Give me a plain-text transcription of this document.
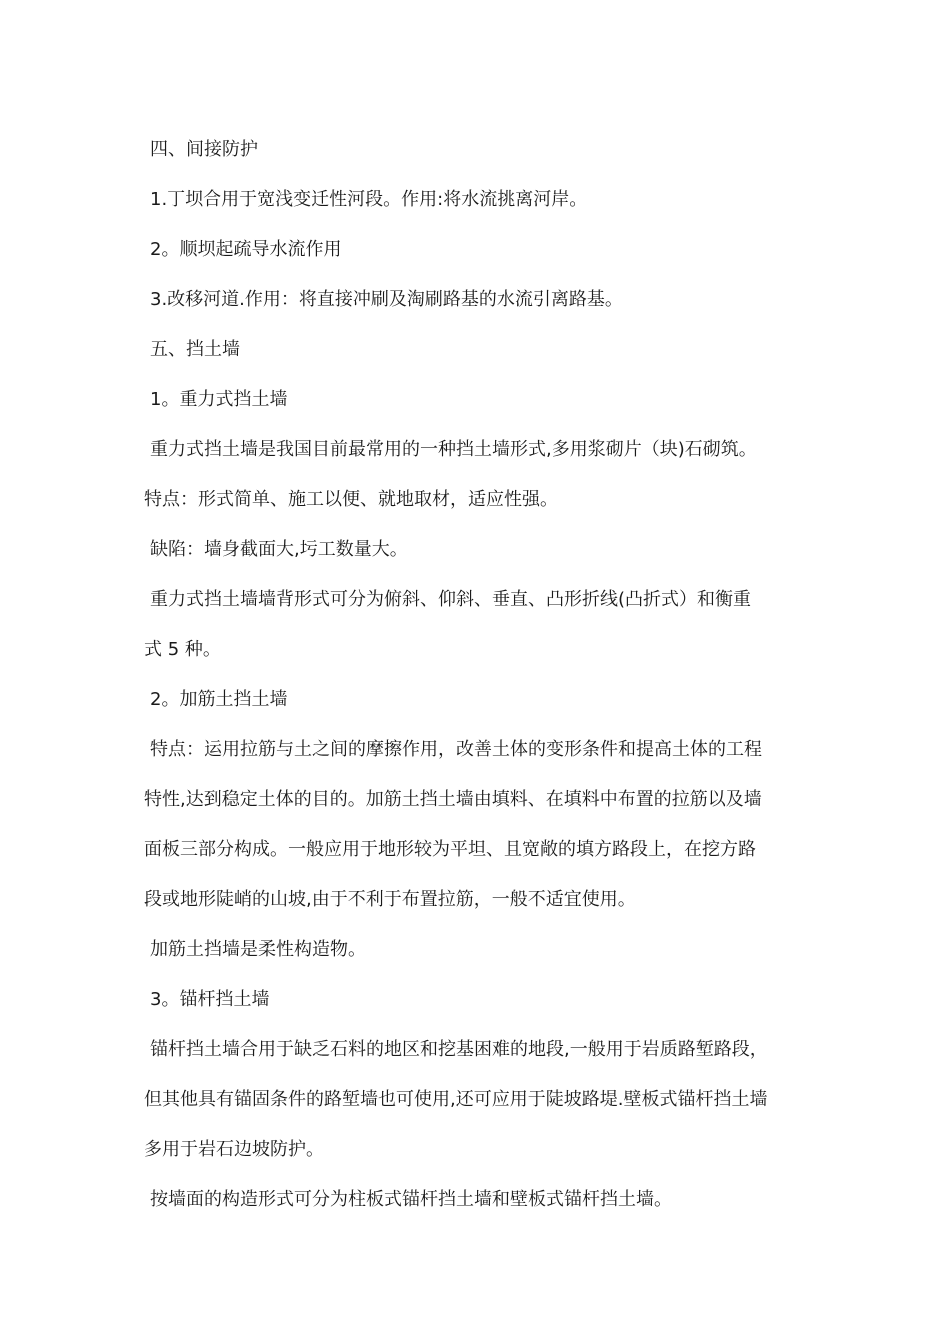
四、间接防护

1.丁坝合用于宽浅变迁性河段。作用:将水流挑离河岸。

2。顺坝起疏导水流作用

3.改移河道.作用：将直接冲刷及淘刷路基的水流引离路基。

五、挡土墙

1。重力式挡土墙

重力式挡土墙是我国目前最常用的一种挡土墙形式,多用浆砌片（块)石砌筑。

特点：形式简单、施工以便、就地取材，适应性强。

缺陷：墙身截面大,圬工数量大。

重力式挡土墙墙背形式可分为俯斜、仰斜、垂直、凸形折线(凸折式）和衡重

式 5 种。

2。加筋土挡土墙

特点：运用拉筋与土之间的摩擦作用，改善土体的变形条件和提高土体的工程

特性,达到稳定土体的目的。加筋土挡土墙由填料、在填料中布置的拉筋以及墙

面板三部分构成。一般应用于地形较为平坦、且宽敞的填方路段上，在挖方路

段或地形陡峭的山坡,由于不利于布置拉筋，一般不适宜使用。

加筋土挡墙是柔性构造物。

3。锚杆挡土墙

锚杆挡土墙合用于缺乏石料的地区和挖基困难的地段,一般用于岩质路堑路段，

但其他具有锚固条件的路堑墙也可使用,还可应用于陡坡路堤.壁板式锚杆挡土墙

多用于岩石边坡防护。

按墙面的构造形式可分为柱板式锚杆挡土墙和壁板式锚杆挡土墙。
